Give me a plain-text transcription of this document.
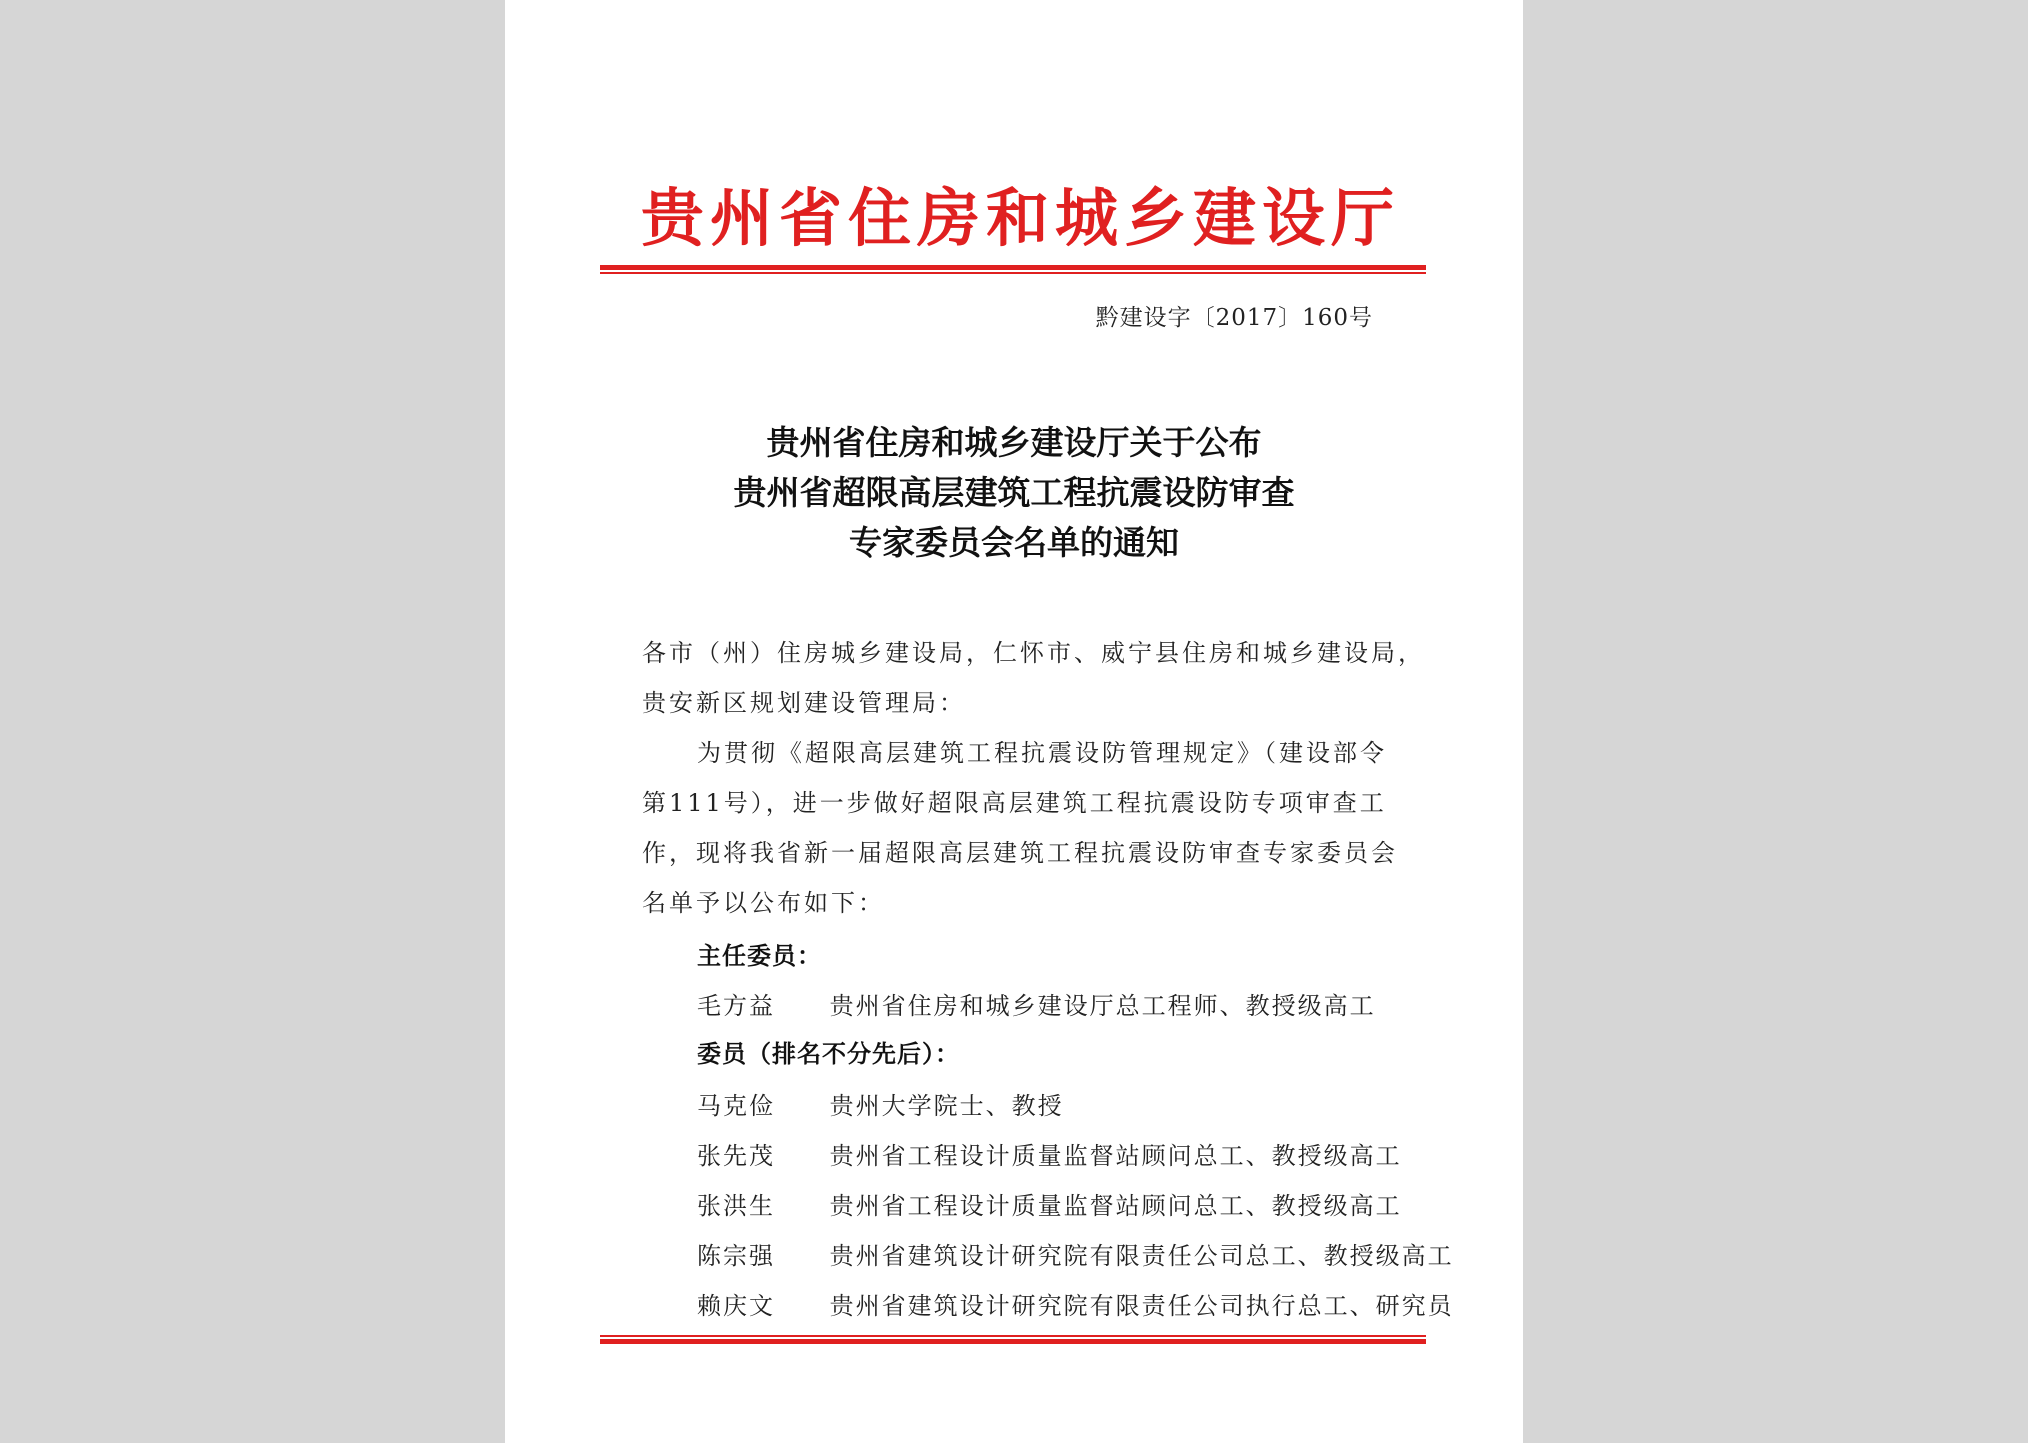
贵州省住房和城乡建设厅
黔建设字〔2017〕160号
贵州省住房和城乡建设厅关于公布
贵州省超限高层建筑工程抗震设防审查
专家委员会名单的通知
各市（州）住房城乡建设局，仁怀市、威宁县住房和城乡建设局，
贵安新区规划建设管理局：
为贯彻《超限高层建筑工程抗震设防管理规定》（建设部令
第111号），进一步做好超限高层建筑工程抗震设防专项审查工
作，现将我省新一届超限高层建筑工程抗震设防审查专家委员会
名单予以公布如下：
主任委员：
毛方益 贵州省住房和城乡建设厅总工程师、教授级高工
委员（排名不分先后）：
马克俭 贵州大学院士、教授
张先茂 贵州省工程设计质量监督站顾问总工、教授级高工
张洪生 贵州省工程设计质量监督站顾问总工、教授级高工
陈宗强 贵州省建筑设计研究院有限责任公司总工、教授级高工
赖庆文 贵州省建筑设计研究院有限责任公司执行总工、研究员
